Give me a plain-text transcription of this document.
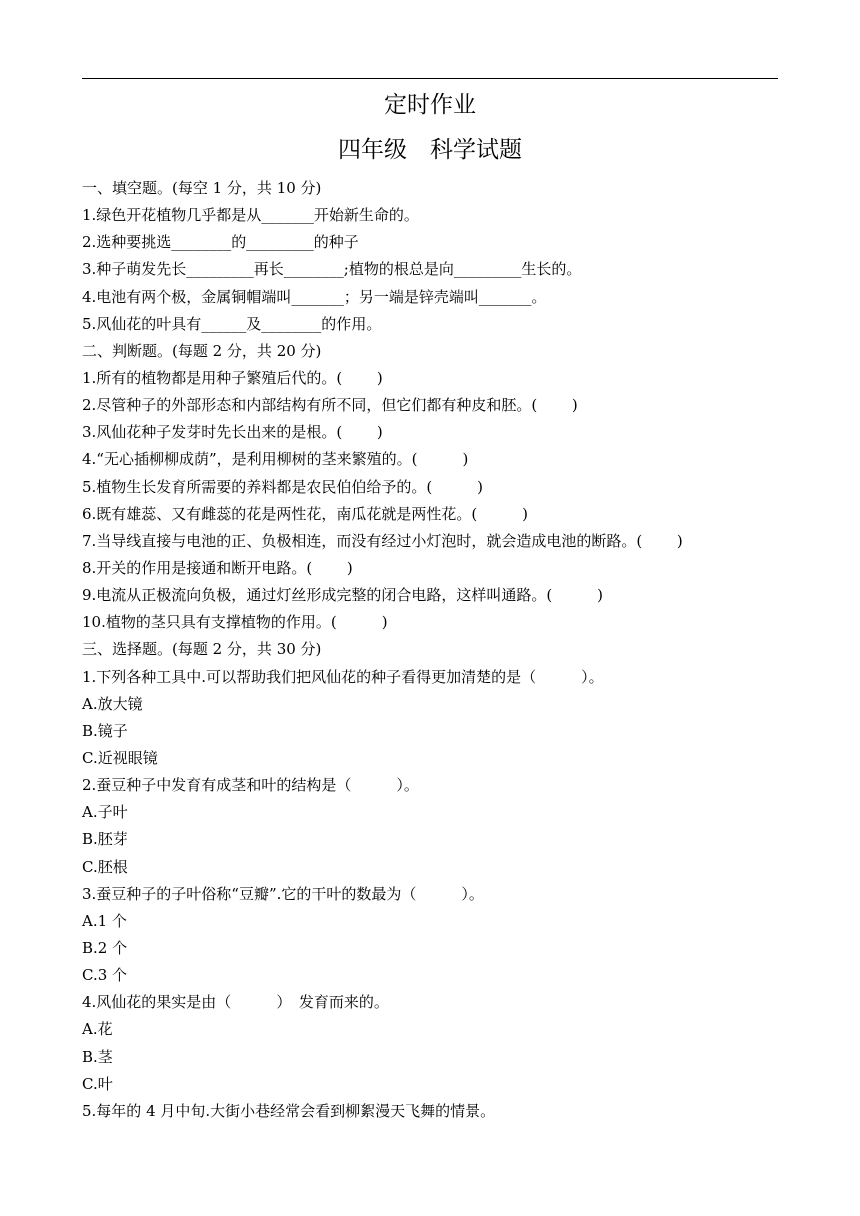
定时作业
四年级　科学试题
一、填空题。(每空 1 分，共 10 分)
1.绿色开花植物几乎都是从_______开始新生命的。
2.选种要挑选________的_________的种子
3.种子萌发先长_________再长________;植物的根总是向_________生长的。
4.电池有两个极，金属铜帽端叫_______；另一端是锌壳端叫_______。
5.风仙花的叶具有______及________的作用。
二、判断题。(每题 2 分，共 20 分)
1.所有的植物都是用种子繁殖后代的。(　　 )
2.尽管种子的外部形态和内部结构有所不同，但它们都有种皮和胚。(　　 )
3.风仙花种子发芽时先长出来的是根。(　　 )
4.“无心插柳柳成荫”，是利用柳树的茎来繁殖的。(　　　)
5.植物生长发育所需要的养料都是农民伯伯给予的。(　　　)
6.既有雄蕊、又有雌蕊的花是两性花，南瓜花就是两性花。(　　　)
7.当导线直接与电池的正、负极相连，而没有经过小灯泡时，就会造成电池的断路。(　　 )
8.开关的作用是接通和断开电路。(　　 )
9.电流从正极流向负极，通过灯丝形成完整的闭合电路，这样叫通路。(　　　)
10.植物的茎只具有支撑植物的作用。(　　　)
三、选择题。(每题 2 分，共 30 分)
1.下列各种工具中.可以帮助我们把风仙花的种子看得更加清楚的是（　　　）。
A.放大镜
B.镜子
C.近视眼镜
2.蚕豆种子中发育有成茎和叶的结构是（　　　）。
A.子叶
B.胚芽
C.胚根
3.蚕豆种子的子叶俗称“豆瓣”.它的干叶的数最为（　　　）。
A.1 个
B.2 个
C.3 个
4.风仙花的果实是由（　　　）　发育而来的。
A.花
B.茎
C.叶
5.每年的 4 月中旬.大街小巷经常会看到柳絮漫天飞舞的情景。
